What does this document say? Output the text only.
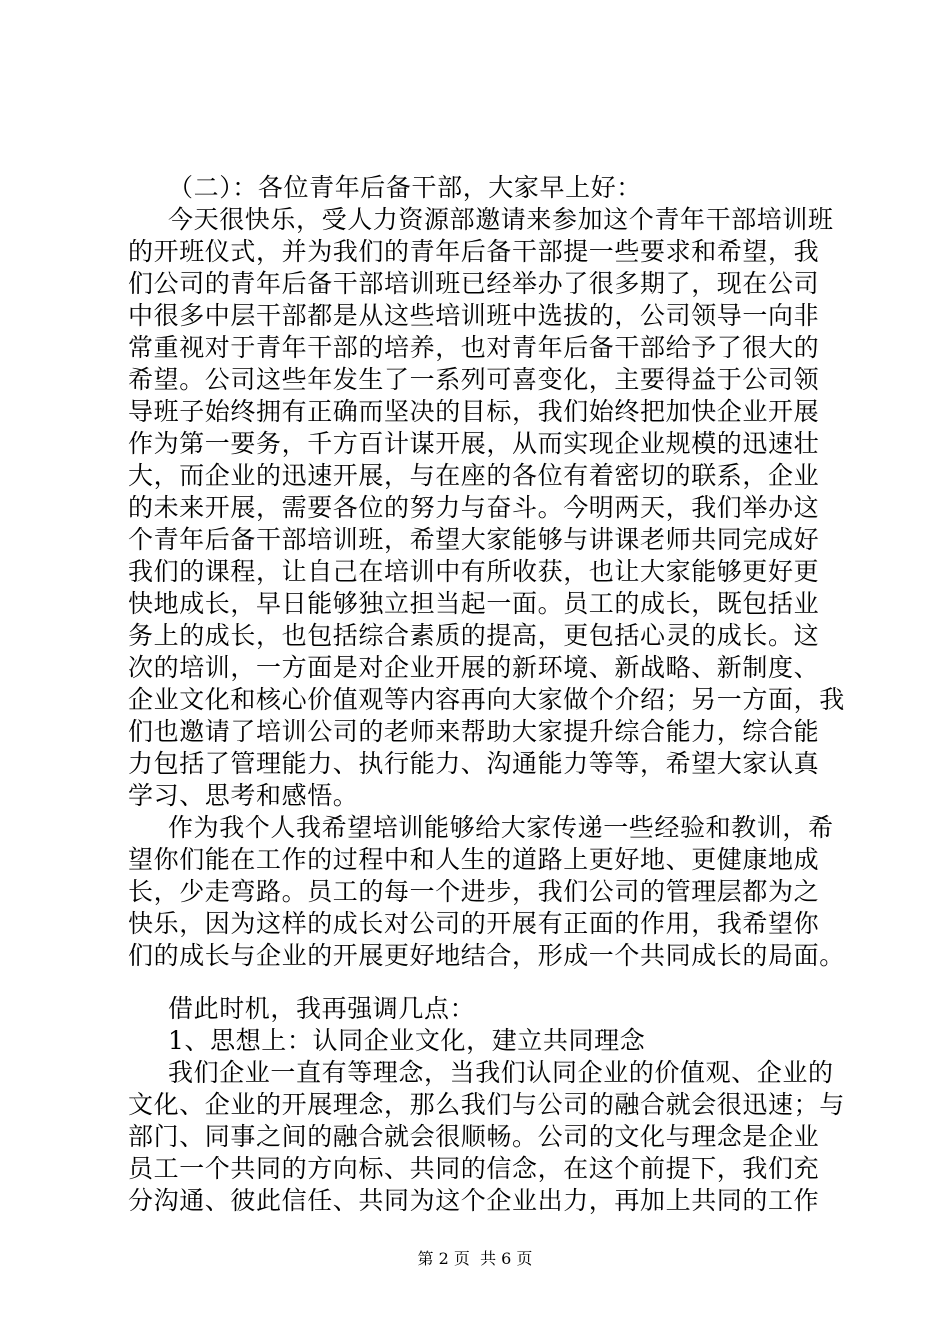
（二）：各位青年后备干部，大家早上好：
今天很快乐，受人力资源部邀请来参加这个青年干部培训班
的开班仪式，并为我们的青年后备干部提一些要求和希望，我
们公司的青年后备干部培训班已经举办了很多期了，现在公司
中很多中层干部都是从这些培训班中选拔的，公司领导一向非
常重视对于青年干部的培养，也对青年后备干部给予了很大的
希望。公司这些年发生了一系列可喜变化，主要得益于公司领
导班子始终拥有正确而坚决的目标，我们始终把加快企业开展
作为第一要务，千方百计谋开展，从而实现企业规模的迅速壮
大，而企业的迅速开展，与在座的各位有着密切的联系，企业
的未来开展，需要各位的努力与奋斗。今明两天，我们举办这
个青年后备干部培训班，希望大家能够与讲课老师共同完成好
我们的课程，让自己在培训中有所收获，也让大家能够更好更
快地成长，早日能够独立担当起一面。员工的成长，既包括业
务上的成长，也包括综合素质的提高，更包括心灵的成长。这
次的培训，一方面是对企业开展的新环境、新战略、新制度、
企业文化和核心价值观等内容再向大家做个介绍；另一方面，我
们也邀请了培训公司的老师来帮助大家提升综合能力，综合能
力包括了管理能力、执行能力、沟通能力等等，希望大家认真
学习、思考和感悟。
作为我个人我希望培训能够给大家传递一些经验和教训，希
望你们能在工作的过程中和人生的道路上更好地、更健康地成
长，少走弯路。员工的每一个进步，我们公司的管理层都为之
快乐，因为这样的成长对公司的开展有正面的作用，我希望你
们的成长与企业的开展更好地结合，形成一个共同成长的局面。
借此时机，我再强调几点：
1、思想上：认同企业文化，建立共同理念
我们企业一直有等理念，当我们认同企业的价值观、企业的
文化、企业的开展理念，那么我们与公司的融合就会很迅速；与
部门、同事之间的融合就会很顺畅。公司的文化与理念是企业
员工一个共同的方向标、共同的信念，在这个前提下，我们充
分沟通、彼此信任、共同为这个企业出力，再加上共同的工作
第 2 页  共 6 页
